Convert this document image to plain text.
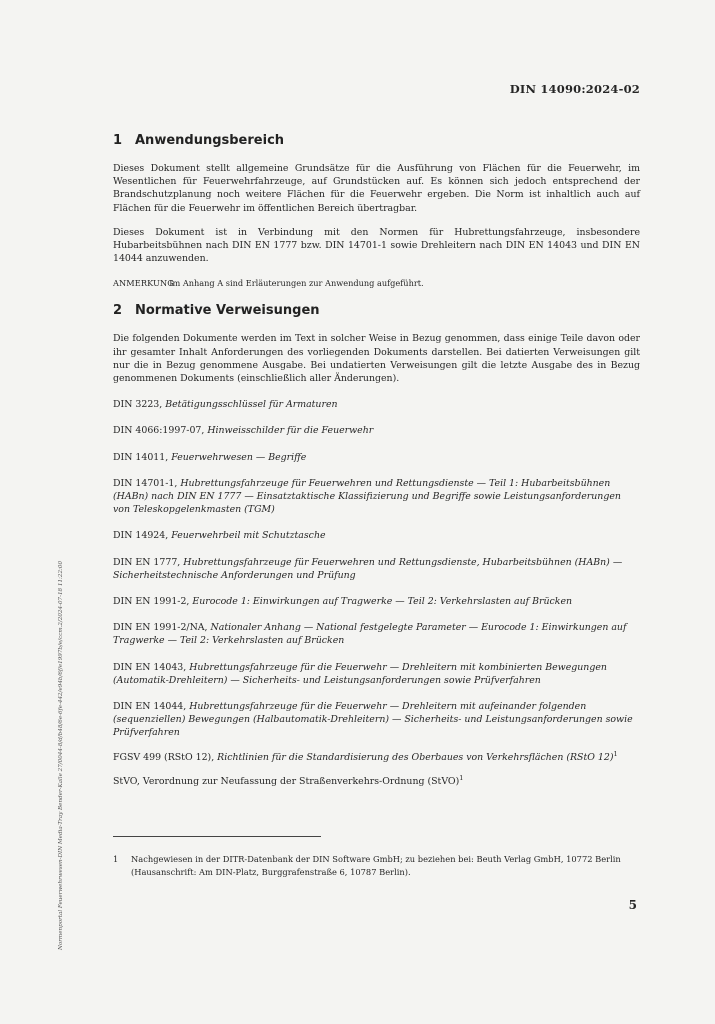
DIN 14090:2024-02
1 Anwendungsbereich

Dieses Dokument stellt allgemeine Grundsätze für die Ausführung von Flächen für die Feuerwehr, im Wesentlichen für Feuerwehrfahrzeuge, auf Grundstücken auf. Es können sich jedoch entsprechend der Brandschutzplanung noch weitere Flächen für die Feuerwehr ergeben. Die Norm ist inhaltlich auch auf Flächen für die Feuerwehr im öffentlichen Bereich übertragbar.

Dieses Dokument ist in Verbindung mit den Normen für Hubrettungsfahrzeuge, insbesondere Hubarbeitsbühnen nach DIN EN 1777 bzw. DIN 14701-1 sowie Drehleitern nach DIN EN 14043 und DIN EN 14044 anzuwenden.

ANMERKUNG  Im Anhang A sind Erläuterungen zur Anwendung aufgeführt.

2 Normative Verweisungen

Die folgenden Dokumente werden im Text in solcher Weise in Bezug genommen, dass einige Teile davon oder ihr gesamter Inhalt Anforderungen des vorliegenden Dokuments darstellen. Bei datierten Verweisungen gilt nur die in Bezug genommene Ausgabe. Bei undatierten Verweisungen gilt die letzte Ausgabe des in Bezug genommenen Dokuments (einschließlich aller Änderungen).

DIN 3223, Betätigungsschlüssel für Armaturen

DIN 4066:1997-07, Hinweisschilder für die Feuerwehr

DIN 14011, Feuerwehrwesen — Begriffe

DIN 14701-1, Hubrettungsfahrzeuge für Feuerwehren und Rettungsdienste — Teil 1: Hubarbeitsbühnen (HABn) nach DIN EN 1777 — Einsatztaktische Klassifizierung und Begriffe sowie Leistungsanforderungen von Teleskopgelenkmasten (TGM)

DIN 14924, Feuerwehrbeil mit Schutztasche

DIN EN 1777, Hubrettungsfahrzeuge für Feuerwehren und Rettungsdienste, Hubarbeitsbühnen (HABn) — Sicherheitstechnische Anforderungen und Prüfung

DIN EN 1991-2, Eurocode 1: Einwirkungen auf Tragwerke — Teil 2: Verkehrslasten auf Brücken

DIN EN 1991-2/NA, Nationaler Anhang — National festgelegte Parameter — Eurocode 1: Einwirkungen auf Tragwerke — Teil 2: Verkehrslasten auf Brücken

DIN EN 14043, Hubrettungsfahrzeuge für die Feuerwehr — Drehleitern mit kombinierten Bewegungen (Automatik-Drehleitern) — Sicherheits- und Leistungsanforderungen sowie Prüfverfahren

DIN EN 14044, Hubrettungsfahrzeuge für die Feuerwehr — Drehleitern mit aufeinander folgenden (sequenziellen) Bewegungen (Halbautomatik-Drehleitern) — Sicherheits- und Leistungsanforderungen sowie Prüfverfahren

FGSV 499 (RStO 12), Richtlinien für die Standardisierung des Oberbaues von Verkehrsflächen (RStO 12)$^1$

StVO, Verordnung zur Neufassung der Straßenverkehrs-Ordnung (StVO)$^1$

1 Nachgewiesen in der DITR-Datenbank der DIN Software GmbH; zu beziehen bei: Beuth Verlag GmbH, 10772 Berlin (Hausanschrift: Am DIN-Platz, Burggrafenstraße 6, 10787 Berlin).
5
Normenportal Feuerwehrwesen-DIN Media-Tray Bender-Kalle 27/0044-8/d/b48/6e-6fe-442/e94b/6f/e1997b/e/ccm.2/2024-07-18 11:22:00
